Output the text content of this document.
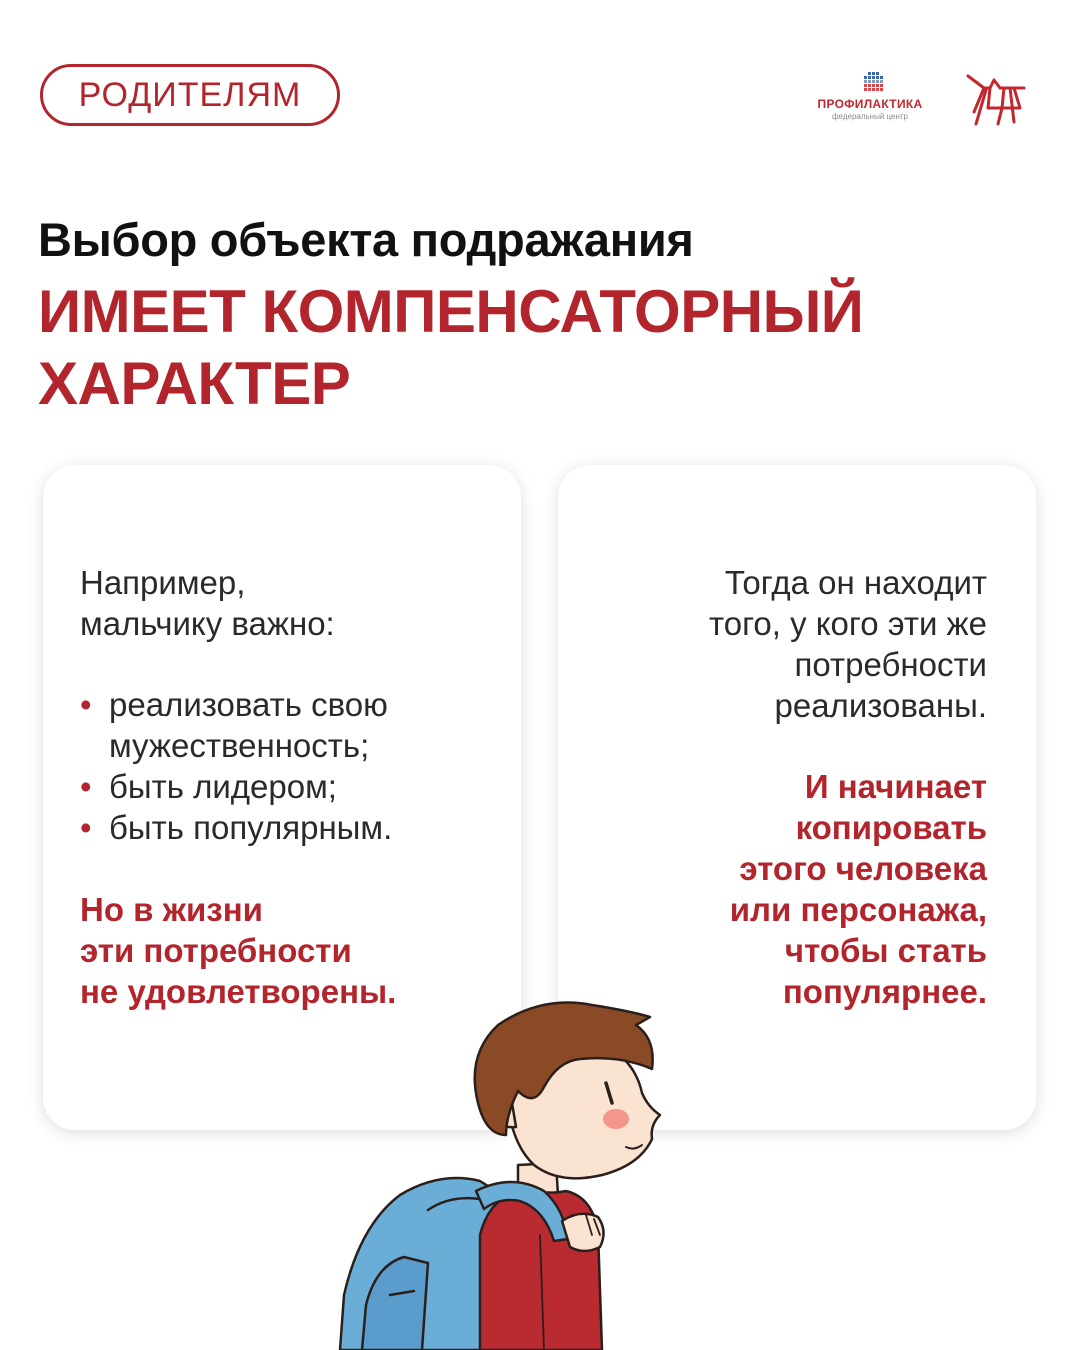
РОДИТЕЛЯМ	ПРОФИЛАКТИКА
федеральный центр
Выбор объекта подражания
ИМЕЕТ КОМПЕНСАТОРНЫЙ ХАРАКТЕР

Например,
мальчику важно:

• реализовать свою мужественность;
• быть лидером;
• быть популярным.

Но в жизни
эти потребности
не удовлетворены.

Тогда он находит
того, у кого эти же
потребности
реализованы.

И начинает
копировать
этого человека
или персонажа,
чтобы стать
популярнее.
